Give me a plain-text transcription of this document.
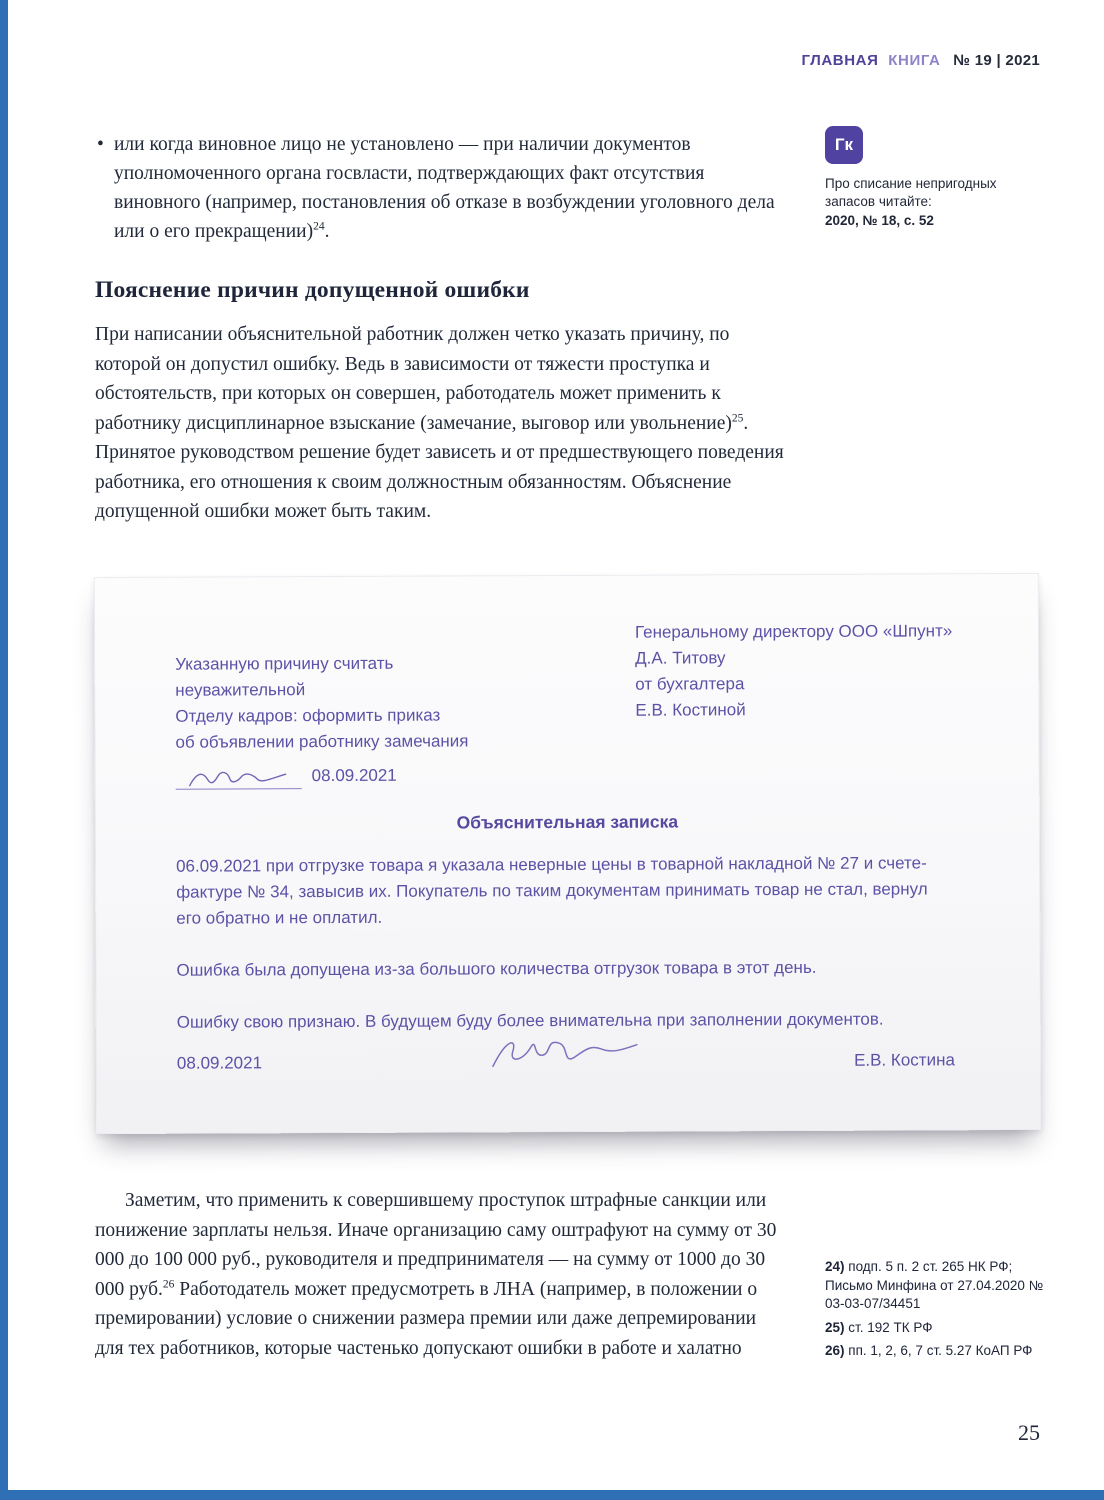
ГЛАВНАЯ КНИГА № 19 | 2021
• или когда виновное лицо не установлено — при наличии документов уполномоченного органа госвласти, подтверждающих факт отсутствия виновного (например, постановления об отказе в возбуждении уголовного дела или о его прекращении)$^{24}$.

Гк

Про списание непригодных запасов читайте:

2020, № 18, с. 52

Пояснение причин допущенной ошибки

При написании объяснительной работник должен четко указать причину, по которой он допустил ошибку. Ведь в зависимости от тяжести проступка и обстоятельств, при которых он совершен, работодатель может применить к работнику дисциплинарное взыскание (замечание, выговор или увольнение)$^{25}$. Принятое руководством решение будет зависеть и от предшествующего поведения работника, его отношения к своим должностным обязанностям. Объяснение допущенной ошибки может быть таким.

Генеральному директору ООО «Шпунт»
Д.А. Титову
от бухгалтера
Е.В. Костиной
Указанную причину считать
неуважительной
Отделу кадров: оформить приказ
об объявлении работнику замечания
08.09.2021
Объяснительная записка

06.09.2021 при отгрузке товара я указала неверные цены в товарной накладной № 27 и счете-фактуре № 34, завысив их. Покупатель по таким документам принимать товар не стал, вернул его обратно и не оплатил.

Ошибка была допущена из-за большого количества отгрузок товара в этот день.

Ошибку свою признаю. В будущем буду более внимательна при заполнении документов.

08.09.2021	Е.В. Костина

Заметим, что применить к совершившему проступок штрафные санкции или понижение зарплаты нельзя. Иначе организацию саму оштрафуют на сумму от 30 000 до 100 000 руб., руководителя и предпринимателя — на сумму от 1000 до 30 000 руб.$^{26}$ Работодатель может предусмотреть в ЛНА (например, в положении о премировании) условие о снижении размера премии или даже депремировании для тех работников, которые частенько допускают ошибки в работе и халатно

24) подп. 5 п. 2 ст. 265 НК РФ; Письмо Минфина от 27.04.2020 № 03-03-07/34451

25) ст. 192 ТК РФ

26) пп. 1, 2, 6, 7 ст. 5.27 КоАП РФ

25
